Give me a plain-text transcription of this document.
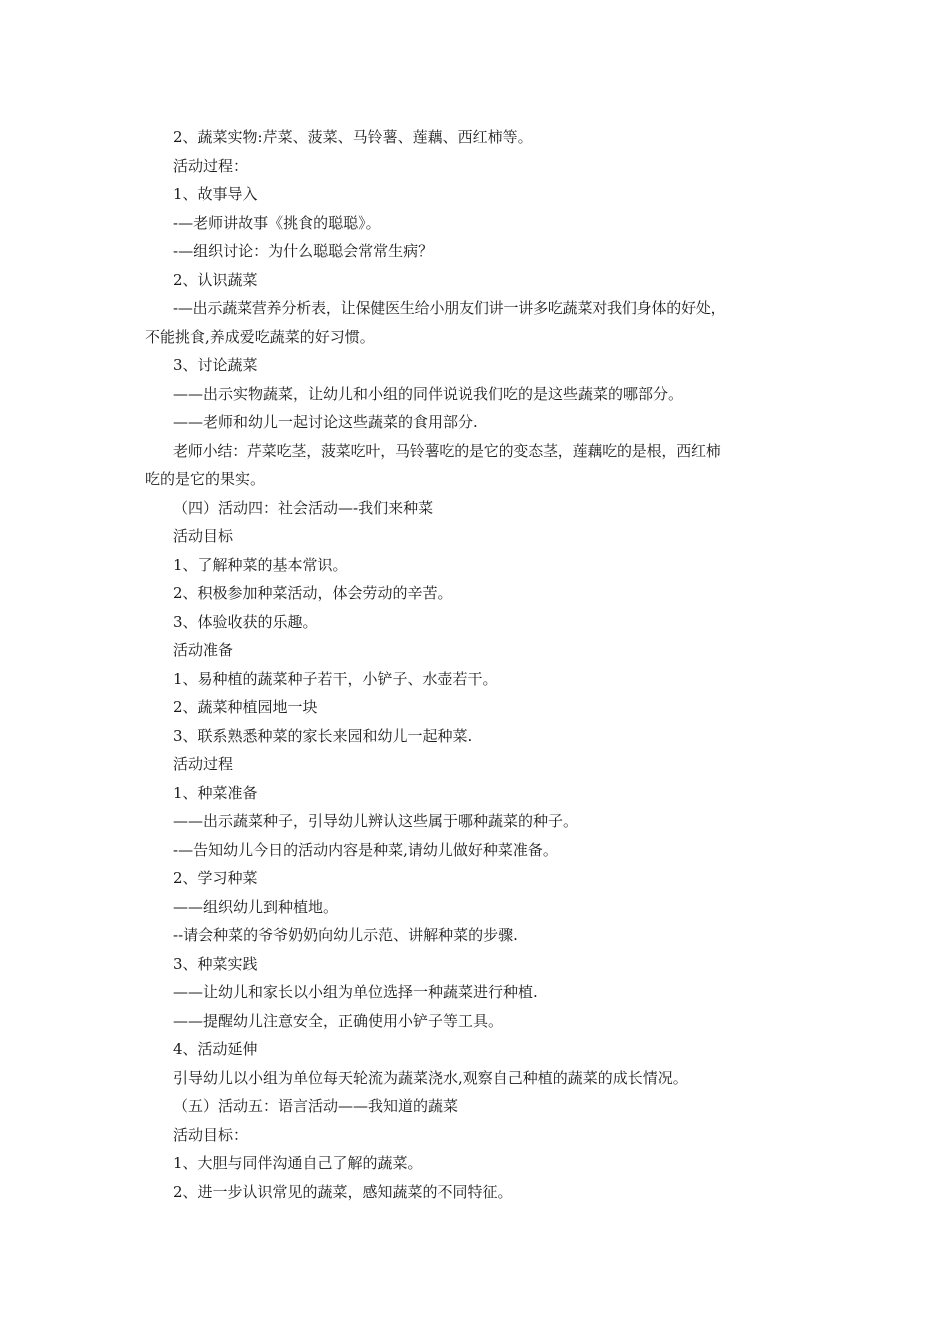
2、蔬菜实物:芹菜、菠菜、马铃薯、莲藕、西红柿等。
活动过程：
1、故事导入
-—老师讲故事《挑食的聪聪》。
-—组织讨论：为什么聪聪会常常生病？
2、认识蔬菜
-—出示蔬菜营养分析表，让保健医生给小朋友们讲一讲多吃蔬菜对我们身体的好处，
不能挑食,养成爱吃蔬菜的好习惯。
3、讨论蔬菜
——出示实物蔬菜，让幼儿和小组的同伴说说我们吃的是这些蔬菜的哪部分。
——老师和幼儿一起讨论这些蔬菜的食用部分.
老师小结：芹菜吃茎，菠菜吃叶，马铃薯吃的是它的变态茎，莲藕吃的是根，西红柿
吃的是它的果实。
（四）活动四：社会活动—-我们来种菜
活动目标
1、了解种菜的基本常识。
2、积极参加种菜活动，体会劳动的辛苦。
3、体验收获的乐趣。
活动准备
1、易种植的蔬菜种子若干，小铲子、水壶若干。
2、蔬菜种植园地一块
3、联系熟悉种菜的家长来园和幼儿一起种菜.
活动过程
1、种菜准备
——出示蔬菜种子，引导幼儿辨认这些属于哪种蔬菜的种子。
-—告知幼儿今日的活动内容是种菜,请幼儿做好种菜准备。
2、学习种菜
——组织幼儿到种植地。
--请会种菜的爷爷奶奶向幼儿示范、讲解种菜的步骤.
3、种菜实践
——让幼儿和家长以小组为单位选择一种蔬菜进行种植.
——提醒幼儿注意安全，正确使用小铲子等工具。
4、活动延伸
引导幼儿以小组为单位每天轮流为蔬菜浇水,观察自己种植的蔬菜的成长情况。
（五）活动五：语言活动——我知道的蔬菜
活动目标：
1、大胆与同伴沟通自己了解的蔬菜。
2、进一步认识常见的蔬菜，感知蔬菜的不同特征。
